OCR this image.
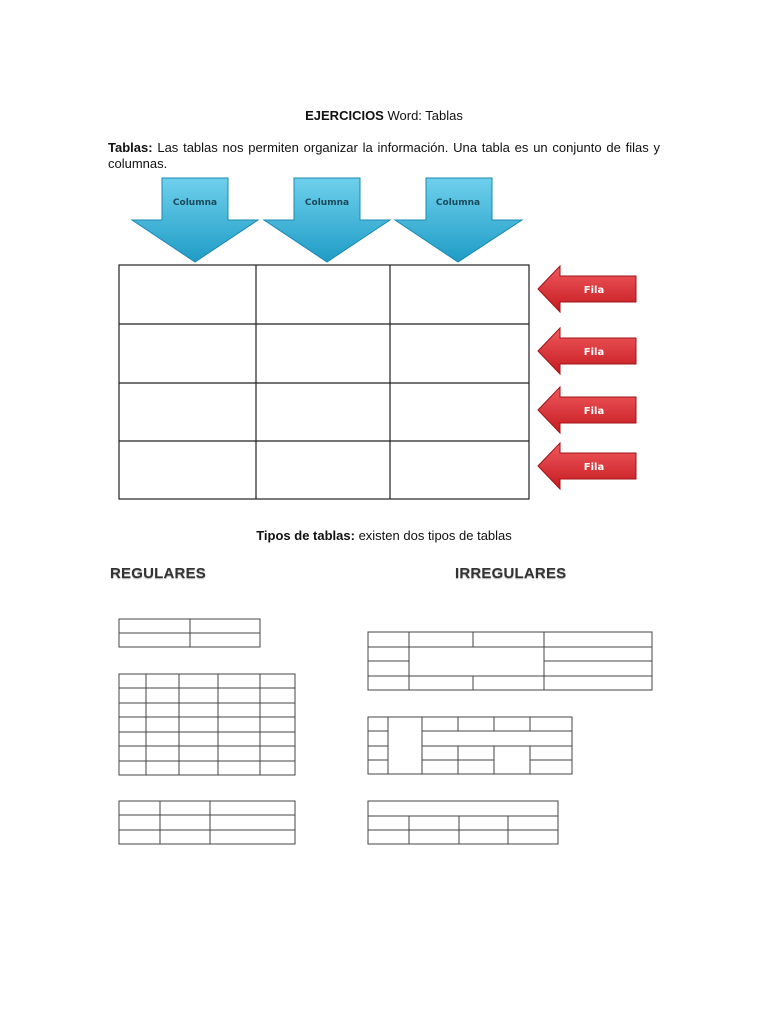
EJERCICIOS Word: Tablas
Tablas: Las tablas nos permiten organizar la información. Una tabla es un conjunto de filas y columnas.
Columna	Columna	Columna
Fila
Fila
Fila
Fila
Tipos de tablas: existen dos tipos de tablas
REGULARES	IRREGULARES
